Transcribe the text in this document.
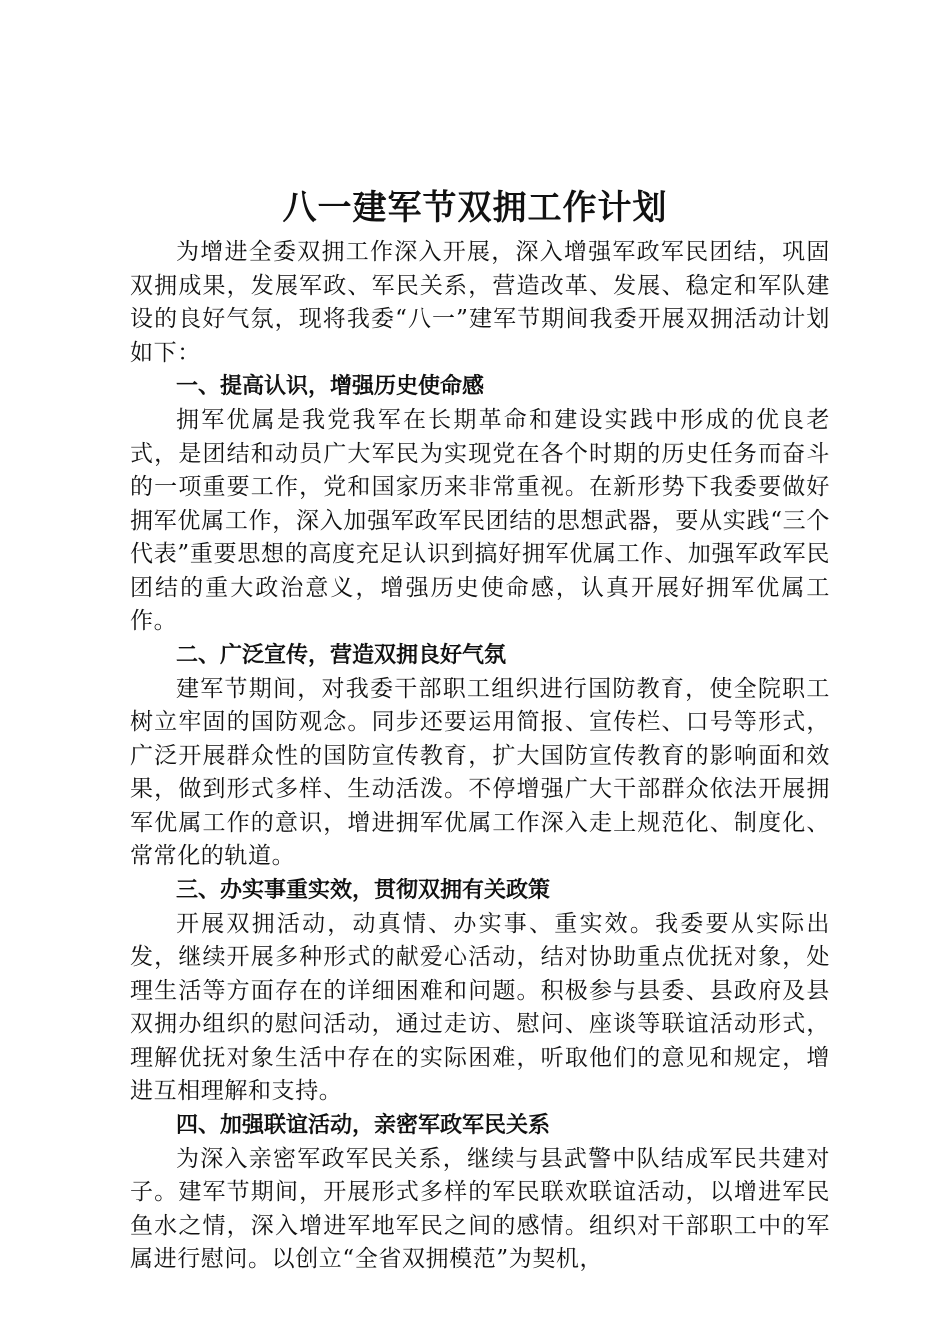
八一建军节双拥工作计划

为增进全委双拥工作深入开展，深入增强军政军民团结，巩固双拥成果，发展军政、军民关系，营造改革、发展、稳定和军队建设的良好气氛，现将我委“八一”建军节期间我委开展双拥活动计划如下：

一、提高认识，增强历史使命感

拥军优属是我党我军在长期革命和建设实践中形成的优良老式，是团结和动员广大军民为实现党在各个时期的历史任务而奋斗的一项重要工作，党和国家历来非常重视。在新形势下我委要做好拥军优属工作，深入加强军政军民团结的思想武器，要从实践“三个代表”重要思想的高度充足认识到搞好拥军优属工作、加强军政军民团结的重大政治意义，增强历史使命感，认真开展好拥军优属工作。

二、广泛宣传，营造双拥良好气氛

建军节期间，对我委干部职工组织进行国防教育，使全院职工树立牢固的国防观念。同步还要运用简报、宣传栏、口号等形式，广泛开展群众性的国防宣传教育，扩大国防宣传教育的影响面和效果，做到形式多样、生动活泼。不停增强广大干部群众依法开展拥军优属工作的意识，增进拥军优属工作深入走上规范化、制度化、常常化的轨道。

三、办实事重实效，贯彻双拥有关政策

开展双拥活动，动真情、办实事、重实效。我委要从实际出发，继续开展多种形式的献爱心活动，结对协助重点优抚对象，处理生活等方面存在的详细困难和问题。积极参与县委、县政府及县双拥办组织的慰问活动，通过走访、慰问、座谈等联谊活动形式，理解优抚对象生活中存在的实际困难，听取他们的意见和规定，增进互相理解和支持。

四、加强联谊活动，亲密军政军民关系

为深入亲密军政军民关系，继续与县武警中队结成军民共建对子。建军节期间，开展形式多样的军民联欢联谊活动，以增进军民鱼水之情，深入增进军地军民之间的感情。组织对干部职工中的军属进行慰问。以创立“全省双拥模范”为契机，
